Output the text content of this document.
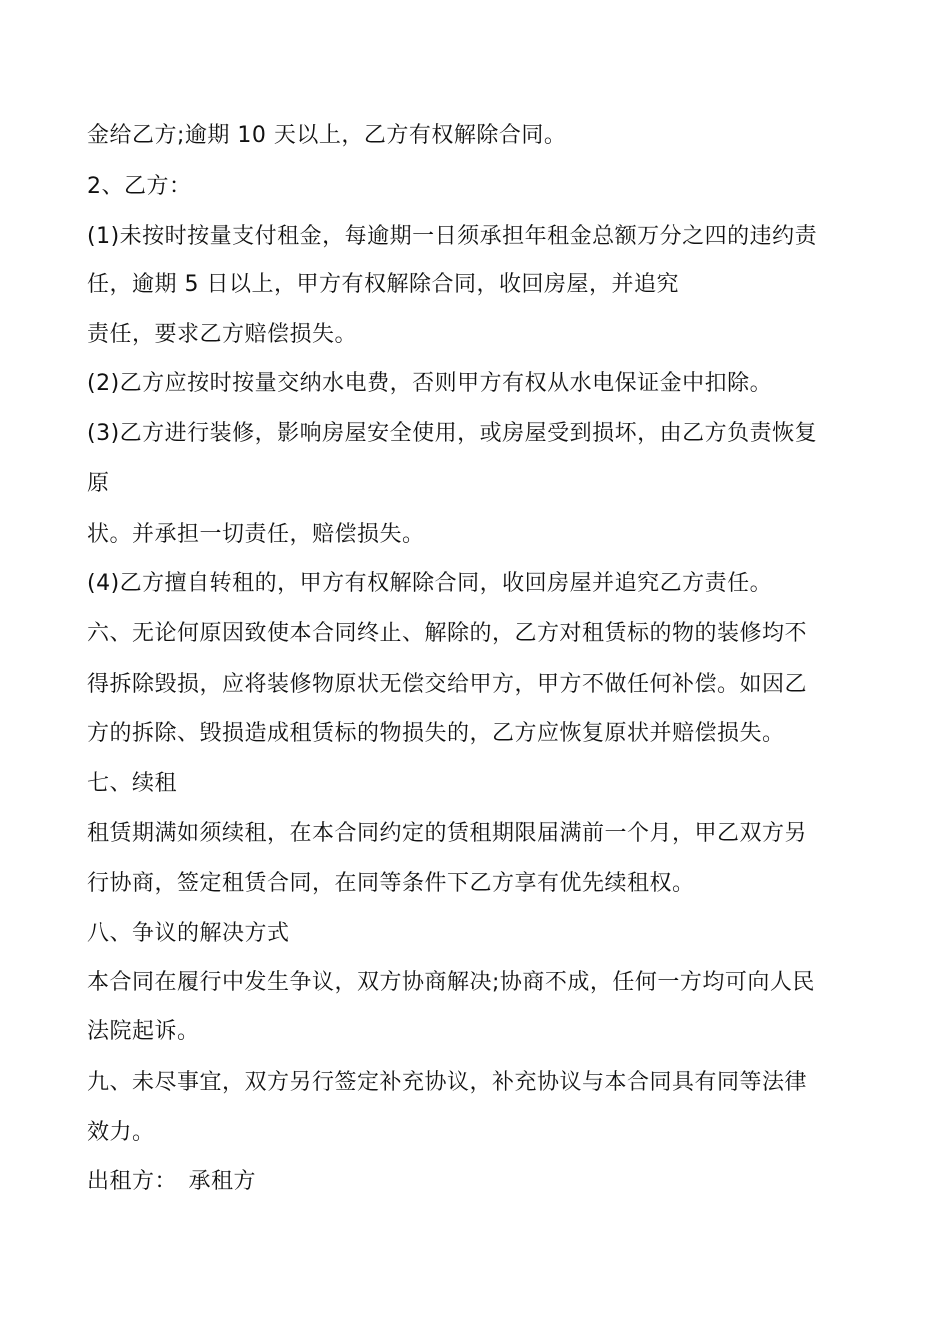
金给乙方;逾期 10 天以上，乙方有权解除合同。
2、乙方：
(1)未按时按量支付租金，每逾期一日须承担年租金总额万分之四的违约责
任，逾期 5 日以上，甲方有权解除合同，收回房屋，并追究
责任，要求乙方赔偿损失。
(2)乙方应按时按量交纳水电费，否则甲方有权从水电保证金中扣除。
(3)乙方进行装修，影响房屋安全使用，或房屋受到损坏，由乙方负责恢复
原
状。并承担一切责任，赔偿损失。
(4)乙方擅自转租的，甲方有权解除合同，收回房屋并追究乙方责任。
六、无论何原因致使本合同终止、解除的，乙方对租赁标的物的装修均不
得拆除毁损，应将装修物原状无偿交给甲方，甲方不做任何补偿。如因乙
方的拆除、毁损造成租赁标的物损失的，乙方应恢复原状并赔偿损失。
七、续租
租赁期满如须续租，在本合同约定的赁租期限届满前一个月，甲乙双方另
行协商，签定租赁合同，在同等条件下乙方享有优先续租权。
八、争议的解决方式
本合同在履行中发生争议，双方协商解决;协商不成，任何一方均可向人民
法院起诉。
九、未尽事宜，双方另行签定补充协议，补充协议与本合同具有同等法律
效力。
出租方：　承租方
